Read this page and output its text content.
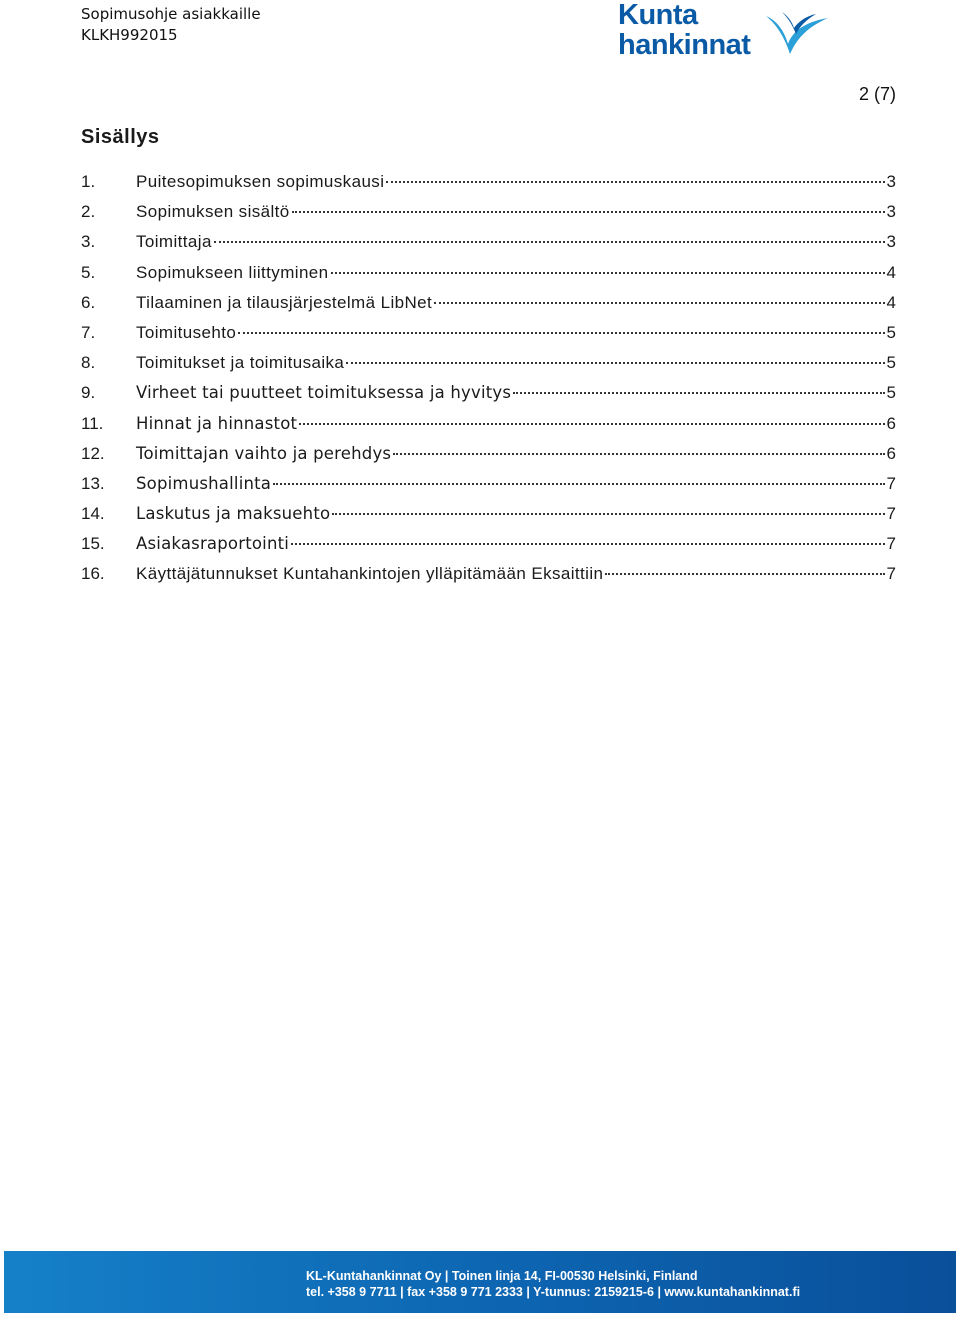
Sopimusohje asiakkaille
KLKH992015
Kunta
hankinnat
2 (7)
Sisällys
1.	Puitesopimuksen sopimuskausi	3
2.	Sopimuksen sisältö	3
3.	Toimittaja	3
5.	Sopimukseen liittyminen	4
6.	Tilaaminen ja tilausjärjestelmä LibNet	4
7.	Toimitusehto	5
8.	Toimitukset ja toimitusaika	5
9.	Virheet tai puutteet toimituksessa ja hyvitys	5
11.	Hinnat ja hinnastot	6
12.	Toimittajan vaihto ja perehdys	6
13.	Sopimushallinta	7
14.	Laskutus ja maksuehto	7
15.	Asiakasraportointi	7
16.	Käyttäjätunnukset Kuntahankintojen ylläpitämään Eksaittiin	7
KL-Kuntahankinnat Oy | Toinen linja 14, FI-00530 Helsinki, Finland
tel. +358 9 7711 | fax +358 9 771 2333 | Y-tunnus: 2159215-6 | www.kuntahankinnat.fi
